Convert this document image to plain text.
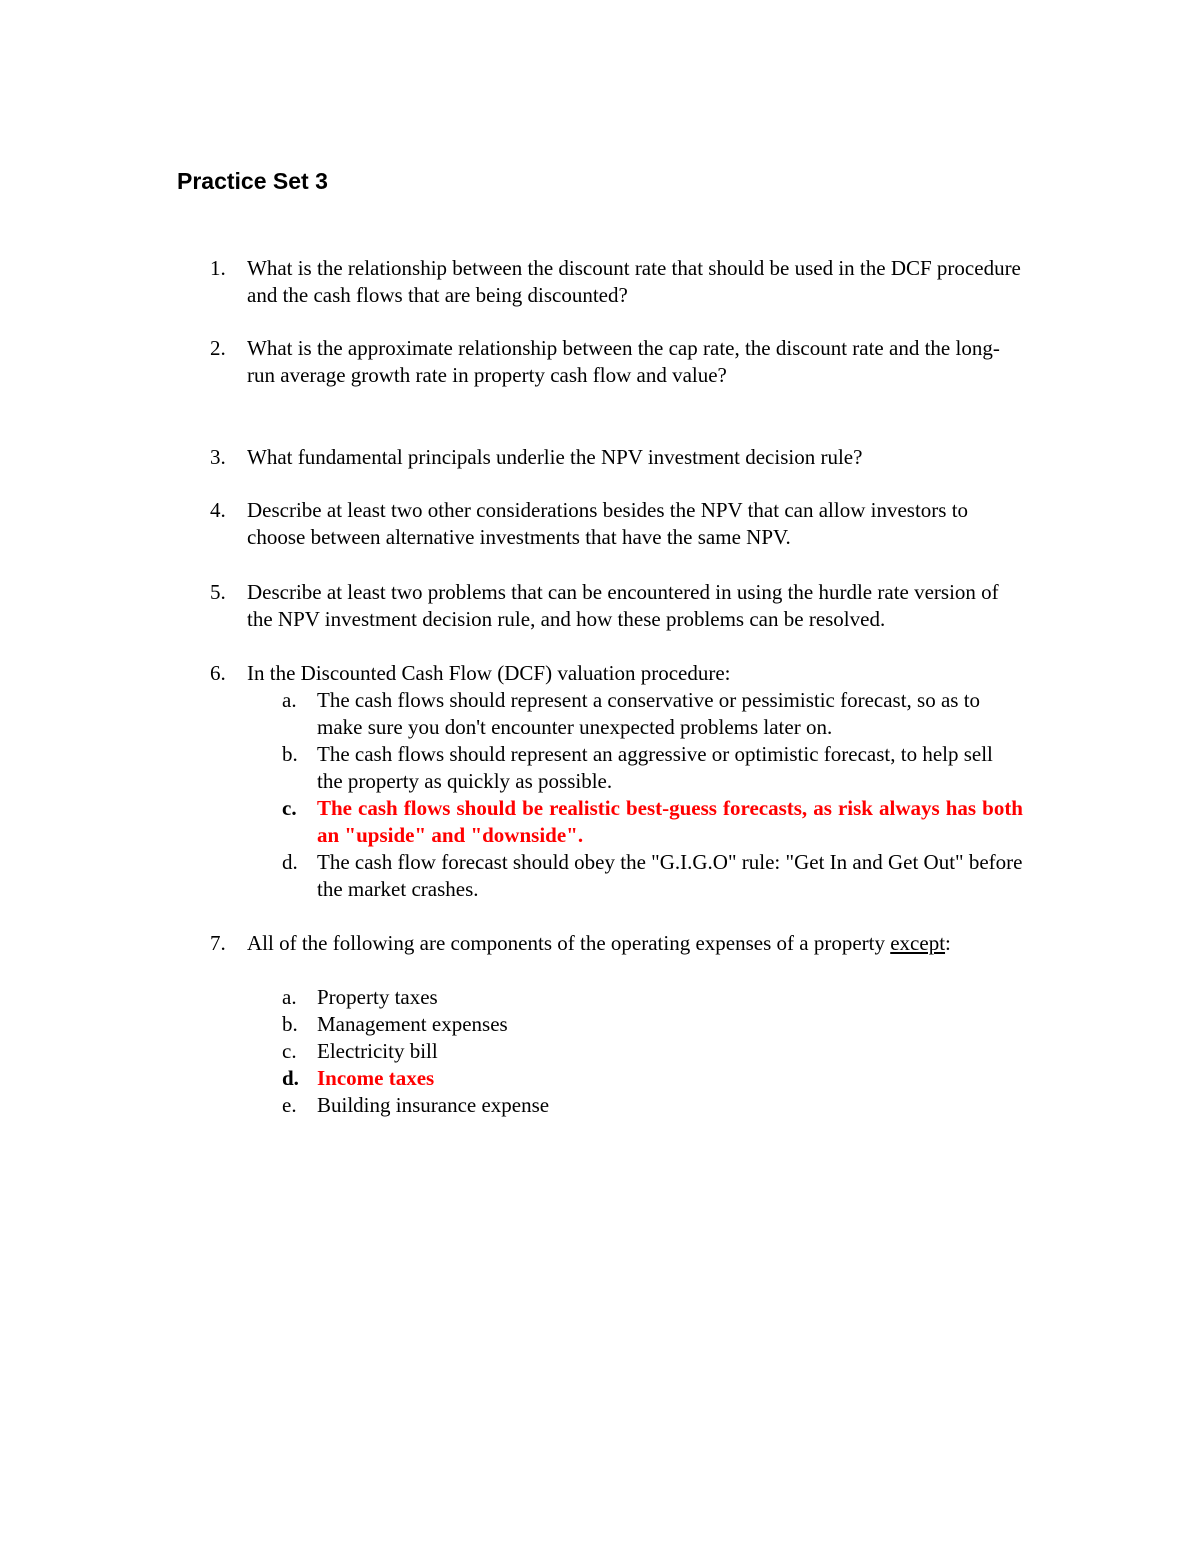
Practice Set 3
1.	What is the relationship between the discount rate that should be used in the DCF procedure and the cash flows that are being discounted?
2.	What is the approximate relationship between the cap rate, the discount rate and the long-run average growth rate in property cash flow and value?
3.	What fundamental principals underlie the NPV investment decision rule?
4.	Describe at least two other considerations besides the NPV that can allow investors to choose between alternative investments that have the same NPV.
5.	Describe at least two problems that can be encountered in using the hurdle rate version of the NPV investment decision rule, and how these problems can be resolved.
6.	In the Discounted Cash Flow (DCF) valuation procedure:
a. The cash flows should represent a conservative or pessimistic forecast, so as to make sure you don't encounter unexpected problems later on.
b. The cash flows should represent an aggressive or optimistic forecast, to help sell the property as quickly as possible.
c. The cash flows should be realistic best-guess forecasts, as risk always has both an "upside" and "downside".
d. The cash flow forecast should obey the "G.I.G.O" rule: "Get In and Get Out" before the market crashes.
7.	All of the following are components of the operating expenses of a property except:
a. Property taxes
b. Management expenses
c. Electricity bill
d. Income taxes
e. Building insurance expense
